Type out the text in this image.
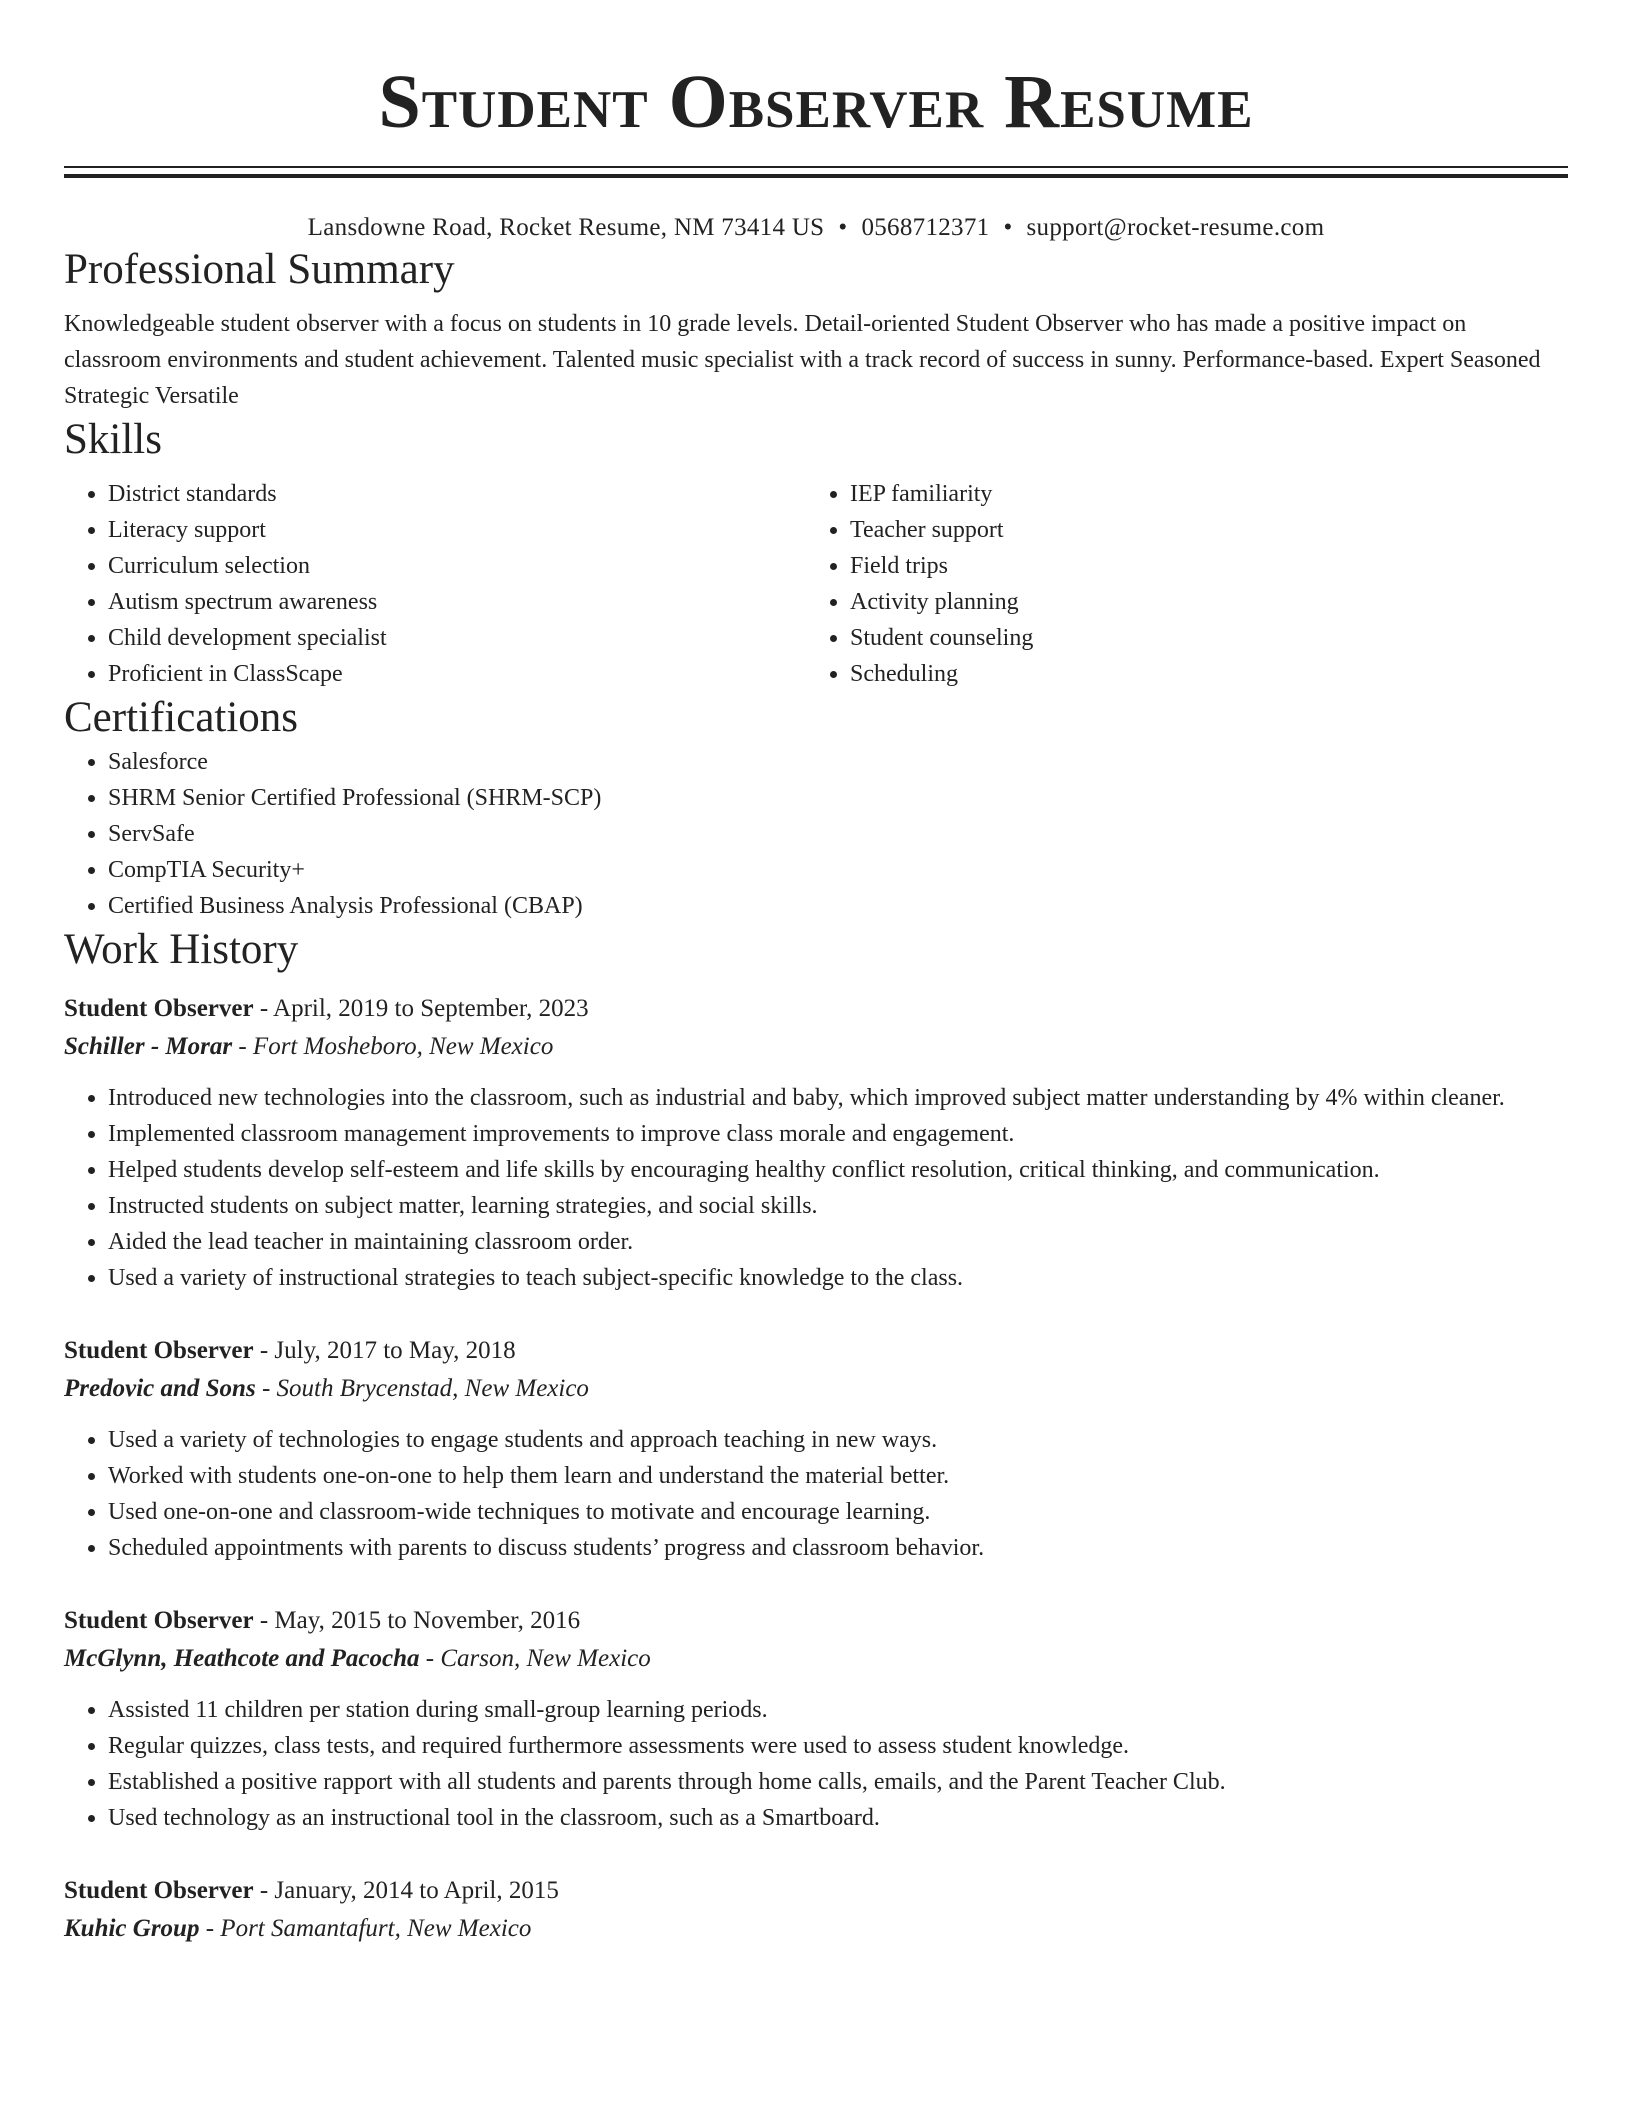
Student Observer Resume
Lansdowne Road, Rocket Resume, NM 73414 US • 0568712371 • support@rocket-resume.com
Professional Summary
Knowledgeable student observer with a focus on students in 10 grade levels. Detail-oriented Student Observer who has made a positive impact on classroom environments and student achievement. Talented music specialist with a track record of success in sunny. Performance-based. Expert Seasoned Strategic Versatile
Skills
• District standards
• Literacy support
• Curriculum selection
• Autism spectrum awareness
• Child development specialist
• Proficient in ClassScape
• IEP familiarity
• Teacher support
• Field trips
• Activity planning
• Student counseling
• Scheduling
Certifications
• Salesforce
• SHRM Senior Certified Professional (SHRM-SCP)
• ServSafe
• CompTIA Security+
• Certified Business Analysis Professional (CBAP)
Work History
Student Observer - April, 2019 to September, 2023
Schiller - Morar - Fort Mosheboro, New Mexico
• Introduced new technologies into the classroom, such as industrial and baby, which improved subject matter understanding by 4% within cleaner.
• Implemented classroom management improvements to improve class morale and engagement.
• Helped students develop self-esteem and life skills by encouraging healthy conflict resolution, critical thinking, and communication.
• Instructed students on subject matter, learning strategies, and social skills.
• Aided the lead teacher in maintaining classroom order.
• Used a variety of instructional strategies to teach subject-specific knowledge to the class.
Student Observer - July, 2017 to May, 2018
Predovic and Sons - South Brycenstad, New Mexico
• Used a variety of technologies to engage students and approach teaching in new ways.
• Worked with students one-on-one to help them learn and understand the material better.
• Used one-on-one and classroom-wide techniques to motivate and encourage learning.
• Scheduled appointments with parents to discuss students’ progress and classroom behavior.
Student Observer - May, 2015 to November, 2016
McGlynn, Heathcote and Pacocha - Carson, New Mexico
• Assisted 11 children per station during small-group learning periods.
• Regular quizzes, class tests, and required furthermore assessments were used to assess student knowledge.
• Established a positive rapport with all students and parents through home calls, emails, and the Parent Teacher Club.
• Used technology as an instructional tool in the classroom, such as a Smartboard.
Student Observer - January, 2014 to April, 2015
Kuhic Group - Port Samantafurt, New Mexico
